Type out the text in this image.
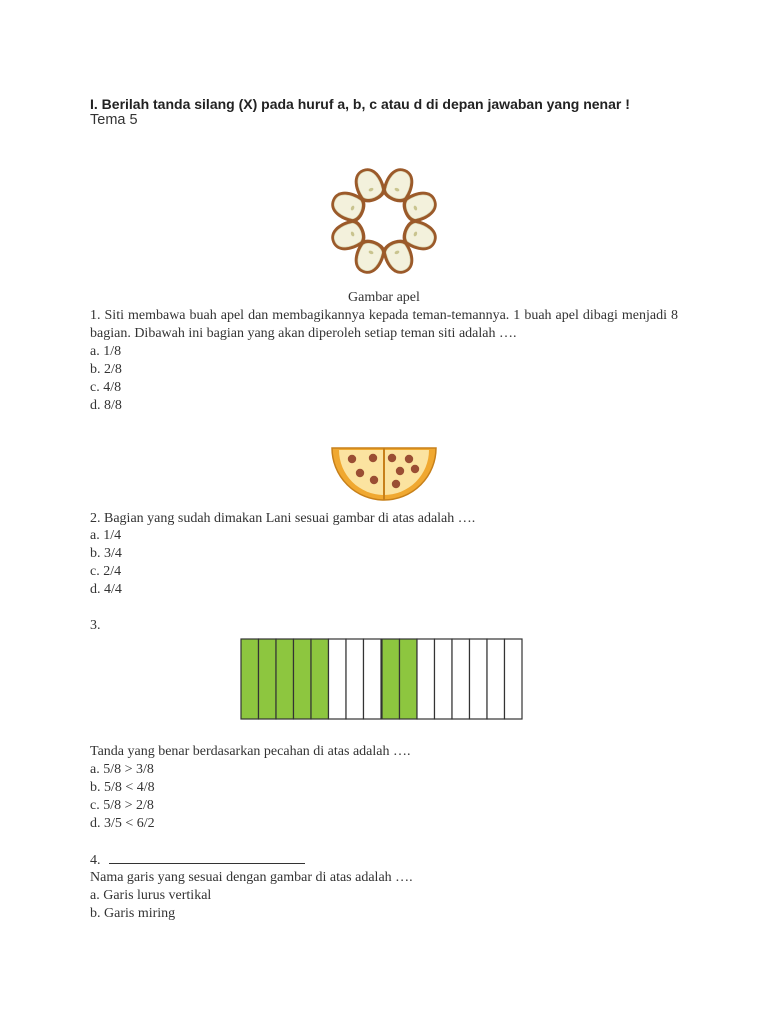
I. Berilah tanda silang (X) pada huruf a, b, c atau d di depan jawaban yang nenar !
Tema 5
Gambar apel
1. Siti membawa buah apel dan membagikannya kepada teman-temannya. 1 buah apel dibagi menjadi 8 bagian. Dibawah ini bagian yang akan diperoleh setiap teman siti adalah ….
a. 1/8
b. 2/8
c. 4/8
d. 8/8
2. Bagian yang sudah dimakan Lani sesuai gambar di atas adalah ….
a. 1/4
b. 3/4
c. 2/4
d. 4/4
3.
Tanda yang benar berdasarkan pecahan di atas adalah ….
a. 5/8 > 3/8
b. 5/8 < 4/8
c. 5/8 > 2/8
d. 3/5 < 6/2
4.
Nama garis yang sesuai dengan gambar di atas adalah ….
a. Garis lurus vertikal
b. Garis miring
